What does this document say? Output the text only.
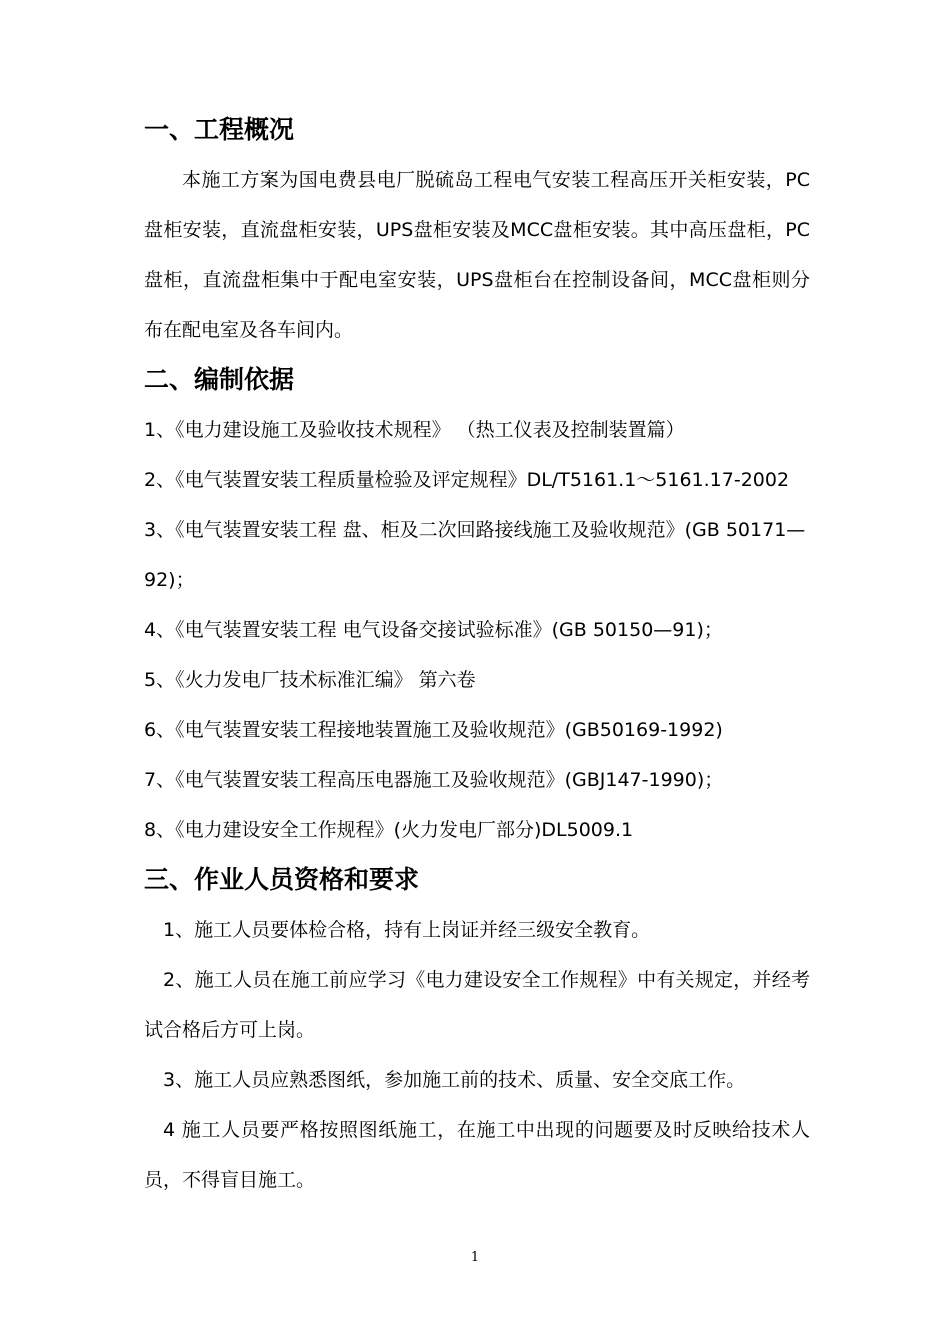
一、工程概况

本施工方案为国电费县电厂脱硫岛工程电气安装工程高压开关柜安装，PC盘柜安装，直流盘柜安装，UPS盘柜安装及MCC盘柜安装。其中高压盘柜，PC盘柜，直流盘柜集中于配电室安装，UPS盘柜台在控制设备间，MCC盘柜则分布在配电室及各车间内。

二、编制依据

1、《电力建设施工及验收技术规程》 （热工仪表及控制装置篇）

2、《电气装置安装工程质量检验及评定规程》DL/T5161.1～5161.17-2002

3、《电气装置安装工程 盘、柜及二次回路接线施工及验收规范》(GB 50171—92)；

4、《电气装置安装工程 电气设备交接试验标准》(GB 50150—91)；

5、《火力发电厂技术标准汇编》 第六卷

6、《电气装置安装工程接地装置施工及验收规范》(GB50169-1992)

7、《电气装置安装工程高压电器施工及验收规范》(GBJ147-1990)；

8、《电力建设安全工作规程》(火力发电厂部分)DL5009.1

三、作业人员资格和要求

1、施工人员要体检合格，持有上岗证并经三级安全教育。

2、施工人员在施工前应学习《电力建设安全工作规程》中有关规定，并经考试合格后方可上岗。

3、施工人员应熟悉图纸，参加施工前的技术、质量、安全交底工作。

4 施工人员要严格按照图纸施工，在施工中出现的问题要及时反映给技术人员，不得盲目施工。

1
